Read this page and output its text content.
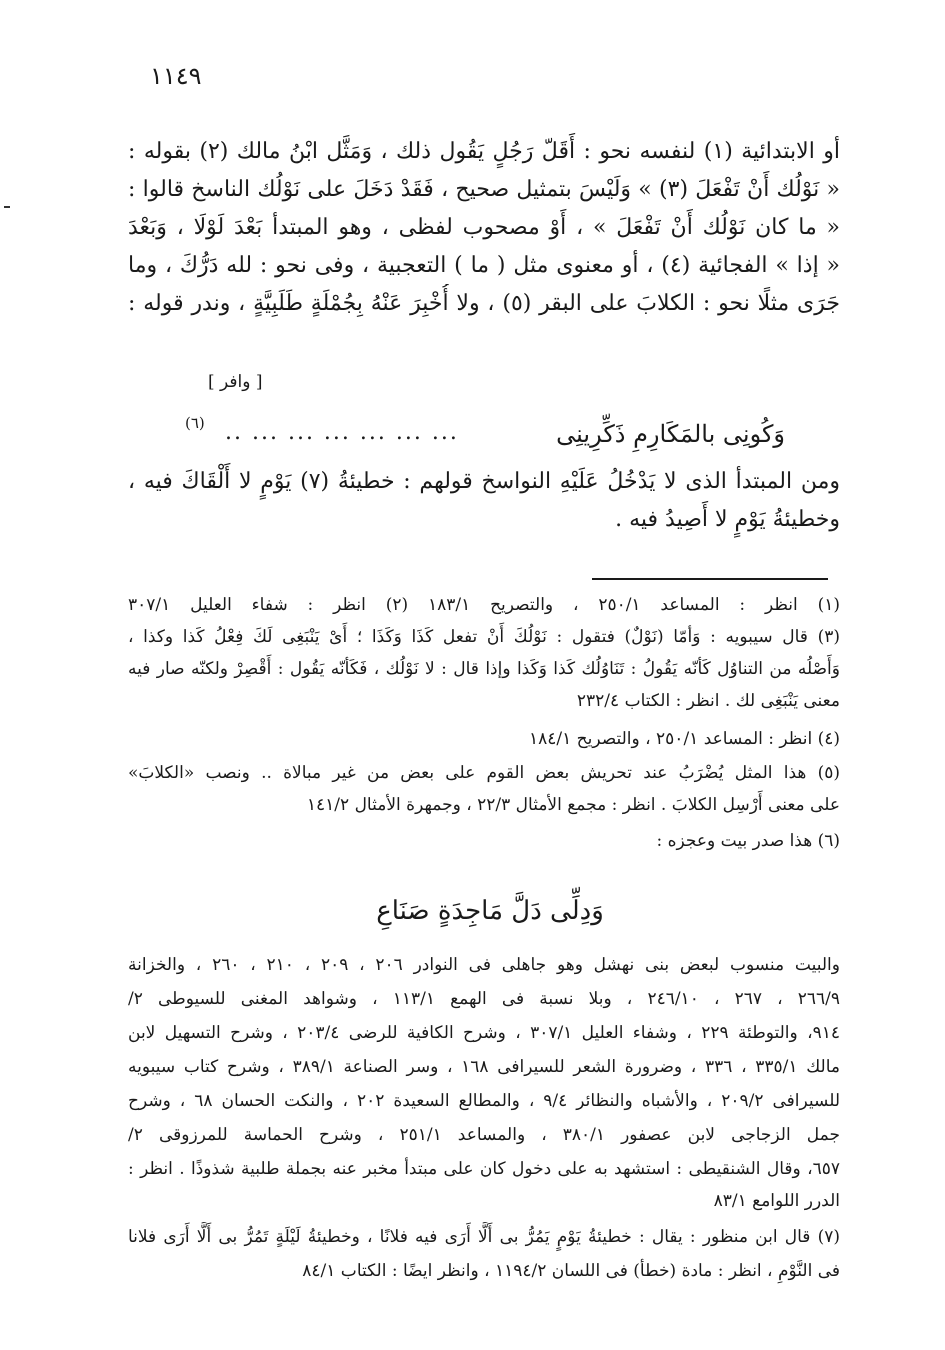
١١٤٩
أو الابتدائية (١) لنفسه نحو : أَقَلّ رَجُلٍ يَقُول ذلك ، وَمَثَّل ابْنُ مالك (٢) بقوله :
« نَوْلُك أَنْ تَفْعَلَ (٣) » وَلَيْسَ بتمثيل صحيح ، فَقَدْ دَخَلَ على نَوْلُك الناسخ قالوا :
« ما كان نَوْلُك أَنْ تَفْعَلَ » ، أَوْ مصحوب لفظى ، وهو المبتدأ بَعْدَ لَوْلَا ، وَبَعْدَ
« إذا » الفجائية (٤) ، أو معنوى مثل ( ما ) التعجبية ، وفى نحو : لله دَرُّكَ ، وما
جَرَى مثلًا نحو : الكلابَ على البقر (٥) ، ولا أُخْبِرَ عَنْهُ بِجُمْلَةٍ طَلَبِيَّةٍ ، وندر قوله :
[ وافر ]
وَكُونِى بالمَكَارِمِ ذَكِّرِينِى
... ... ... ... ... ... ..
(٦)
ومن المبتدأ الذى لا يَدْخُلُ عَلَيْهِ النواسخ قولهم : خطيئةُ (٧) يَوْمٍ لا أَلْقَاكَ فيه ،
وخطيئةُ يَوْمٍ لا أَصِيدُ فيه .
(١) انظر : المساعد ٢٥٠/١ ، والتصريح ١٨٣/١ (٢) انظر : شفاء العليل ٣٠٧/١
(٣) قال سيبويه : وَأمّا (نَوْلٌ) فتقول : نَوْلُكَ أَنْ تفعل كَذَا وَكَذَا ؛ أَىْ يَنْبَغِى لَكَ فِعْلُ كَذا وكذا ،
وَأَصْلُه من التناوُل كَأنّه يَقُولُ : تَنَاوُلُك كَذا وَكَذا وإذا قال : لا نَوْلُك ، فَكَأنّه يَقُول : أَقْصِرْ ولكنّه صار فيه
معنى يَنْبَغِى لك . انظر : الكتاب ٢٣٢/٤
(٤) انظر : المساعد ٢٥٠/١ ، والتصريح ١٨٤/١
(٥) هذا المثل يُضْرَبُ عند تحريش بعض القوم على بعض من غير مبالاة .. ونصب «الكلابَ»
على معنى أَرْسِل الكلابَ . انظر : مجمع الأمثال ٢٢/٣ ، وجمهرة الأمثال ١٤١/٢
(٦) هذا صدر بيت وعجزه :
وَدِلِّى دَلَّ مَاجِدَةٍ صَنَاعِ
والبيت منسوب لبعض بنى نهشل وهو جاهلى فى النوادر ٢٠٦ ، ٢٠٩ ، ٢١٠ ، ٢٦٠ ، والخزانة
٢٦٦/٩ ، ٢٦٧ ، ٢٤٦/١٠ ، وبلا نسبة فى الهمع ١١٣/١ ، وشواهد المغنى للسيوطى ٢/
٩١٤، والتوطئة ٢٢٩ ، وشفاء العليل ٣٠٧/١ ، وشرح الكافية للرضى ٢٠٣/٤ ، وشرح التسهيل لابن
مالك ٣٣٥/١ ، ٣٣٦ ، وضرورة الشعر للسيرافى ١٦٨ ، وسر الصناعة ٣٨٩/١ ، وشرح كتاب سيبويه
للسيرافى ٢٠٩/٢ ، والأشباه والنظائر ٩/٤ ، والمطالع السعيدة ٢٠٢ ، والنكت الحسان ٦٨ ، وشرح
جمل الزجاجى لابن عصفور ٣٨٠/١ ، والمساعد ٢٥١/١ ، وشرح الحماسة للمرزوقى ٢/
٦٥٧، وقال الشنقيطى : استشهد به على دخول كان على مبتدأ مخبر عنه بجملة طلبية شذوذًا . انظر :
الدرر اللوامع ٨٣/١
(٧) قال ابن منظور : يقال : خطيئةُ يَوْمٍ يَمُرُّ بى أَلَّا أَرَى فيه فلانًا ، وخطيئةُ لَيْلَةٍ تَمُرُّ بى أَلَّا أَرَى فلانا
فى النَّوْمِ ، انظر : مادة (خطأ) فى اللسان ١١٩٤/٢ ، وانظر ايضًا : الكتاب ٨٤/١
